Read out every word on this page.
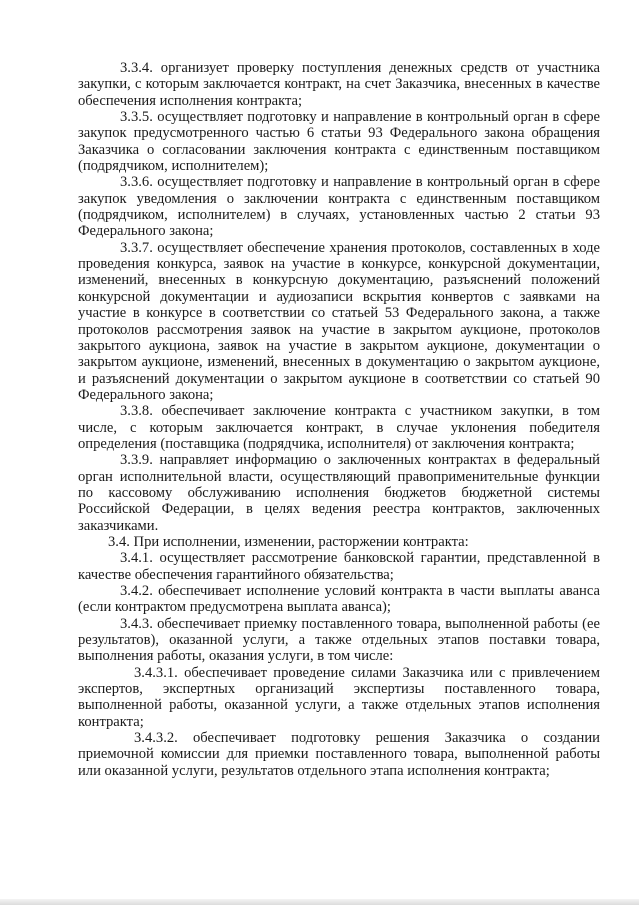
3.3.4. организует проверку поступления денежных средств от участника закупки, с которым заключается контракт, на счет Заказчика, внесенных в качестве обеспечения исполнения контракта;

3.3.5. осуществляет подготовку и направление в контрольный орган в сфере закупок предусмотренного частью 6 статьи 93 Федерального закона обращения Заказчика о согласовании заключения контракта с единственным поставщиком (подрядчиком, исполнителем);

3.3.6. осуществляет подготовку и направление в контрольный орган в сфере закупок уведомления о заключении контракта с единственным поставщиком (подрядчиком, исполнителем) в случаях, установленных частью 2 статьи 93 Федерального закона;

3.3.7. осуществляет обеспечение хранения протоколов, составленных в ходе проведения конкурса, заявок на участие в конкурсе, конкурсной документации, изменений, внесенных в конкурсную документацию, разъяснений положений конкурсной документации и аудиозаписи вскрытия конвертов с заявками на участие в конкурсе в соответствии со статьей 53 Федерального закона, а также протоколов рассмотрения заявок на участие в закрытом аукционе, протоколов закрытого аукциона, заявок на участие в закрытом аукционе, документации о закрытом аукционе, изменений, внесенных в документацию о закрытом аукционе, и разъяснений документации о закрытом аукционе в соответствии со статьей 90 Федерального закона;

3.3.8. обеспечивает заключение контракта с участником закупки, в том числе, с которым заключается контракт, в случае уклонения победителя определения (поставщика (подрядчика, исполнителя) от заключения контракта;

3.3.9. направляет информацию о заключенных контрактах в федеральный орган исполнительной власти, осуществляющий правоприменительные функции по кассовому обслуживанию исполнения бюджетов бюджетной системы Российской Федерации, в целях ведения реестра контрактов, заключенных заказчиками.

3.4. При исполнении, изменении, расторжении контракта:

3.4.1. осуществляет рассмотрение банковской гарантии, представленной в качестве обеспечения гарантийного обязательства;

3.4.2. обеспечивает исполнение условий контракта в части выплаты аванса (если контрактом предусмотрена выплата аванса);

3.4.3. обеспечивает приемку поставленного товара, выполненной работы (ее результатов), оказанной услуги, а также отдельных этапов поставки товара, выполнения работы, оказания услуги, в том числе:

3.4.3.1. обеспечивает проведение силами Заказчика или с привлечением экспертов, экспертных организаций экспертизы поставленного товара, выполненной работы, оказанной услуги, а также отдельных этапов исполнения контракта;

3.4.3.2. обеспечивает подготовку решения Заказчика о создании приемочной комиссии для приемки поставленного товара, выполненной работы или оказанной услуги, результатов отдельного этапа исполнения контракта;
